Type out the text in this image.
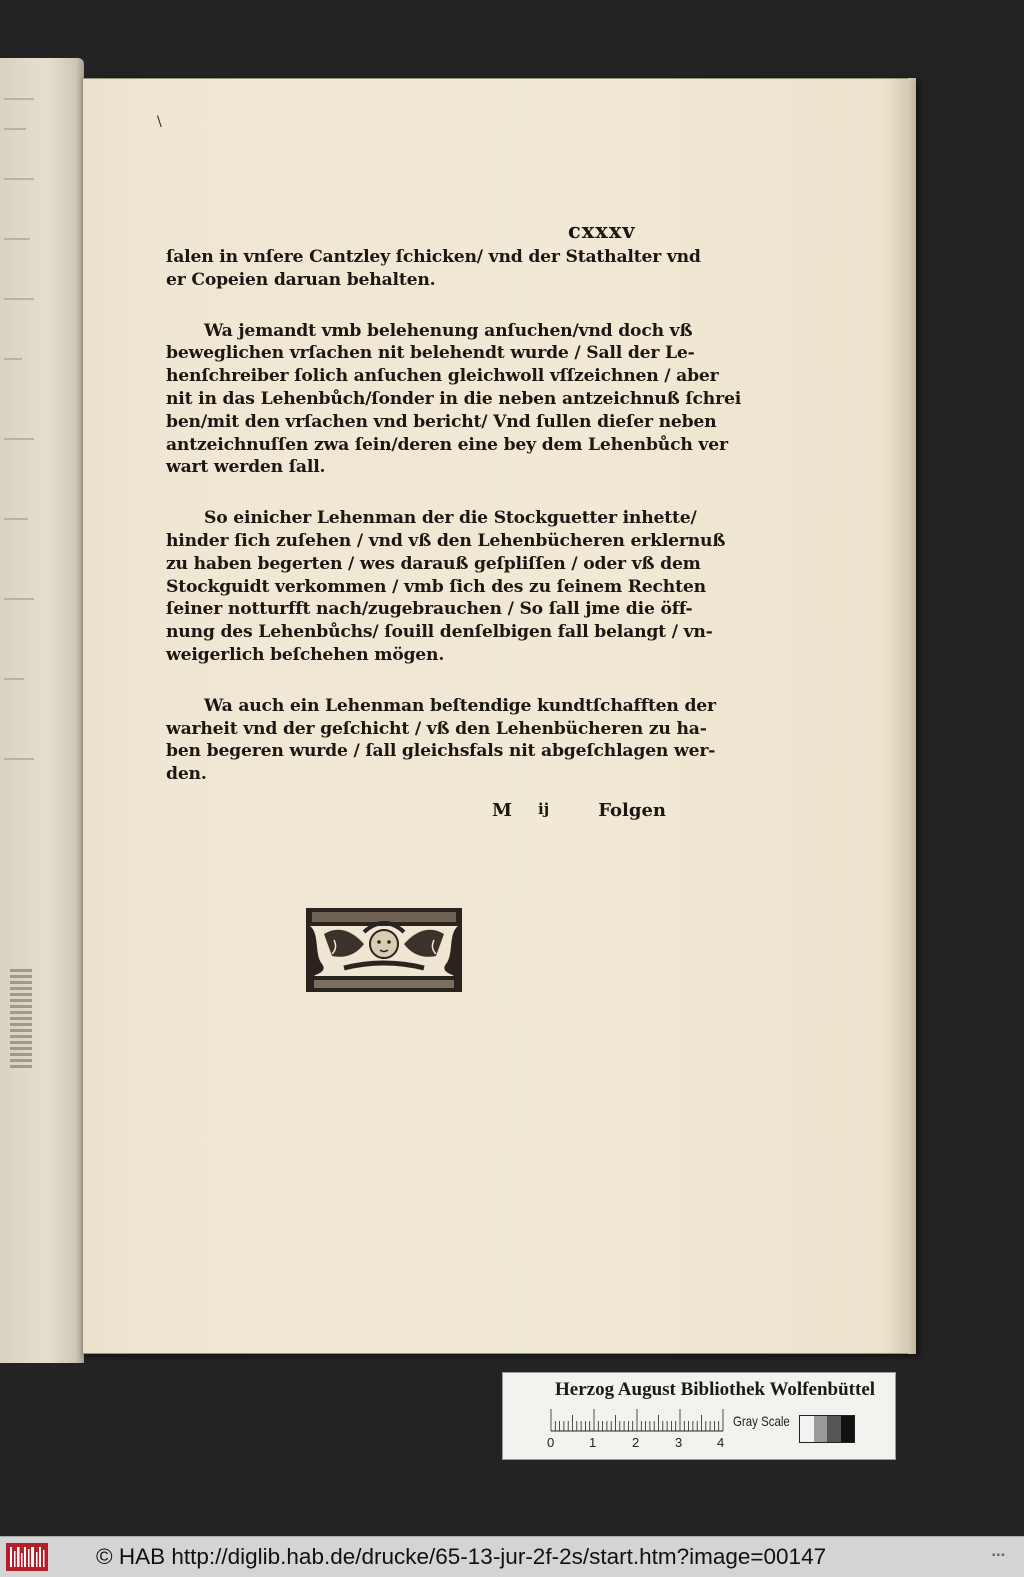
\
cxxxv
ſalen in vnſere Cantzley ſchicken/ vnd der Stathalter vnd
er Copeien daruan behalten.
Wa jemandt vmb belehenung anſuchen/vnd doch vß
beweglichen vrſachen nit belehendt wurde / Sall der Le-
henſchreiber ſolich anſuchen gleichwoll vſſzeichnen / aber
nit in das Lehenbůch/ſonder in die neben antzeichnuß ſchrei
ben/mit den vrſachen vnd bericht/ Vnd ſullen dieſer neben
antzeichnuſſen zwa ſein/deren eine bey dem Lehenbůch ver
wart werden ſall.
So einicher Lehenman der die Stockguetter inhette/
hinder ſich zuſehen / vnd vß den Lehenbücheren erklernuß
zu haben begerten / wes darauß geſpliſſen / oder vß dem
Stockguidt verkommen / vmb ſich des zu ſeinem Rechten
ſeiner notturfft nach/zugebrauchen / So ſall jme die öff-
nung des Lehenbůchs/ ſouill denſelbigen fall belangt / vn-
weigerlich beſchehen mögen.
Wa auch ein Lehenman beſtendige kundtſchafften der
warheit vnd der geſchicht / vß den Lehenbücheren zu ha-
ben begeren wurde / ſall gleichsfals nit abgeſchlagen wer-
den.
M ij	Folgen
Herzog August Bibliothek Wolfenbüttel
0	1	2	3	4
Gray Scale
© HAB http://diglib.hab.de/drucke/65-13-jur-2f-2s/start.htm?image=00147	▪▪▪
